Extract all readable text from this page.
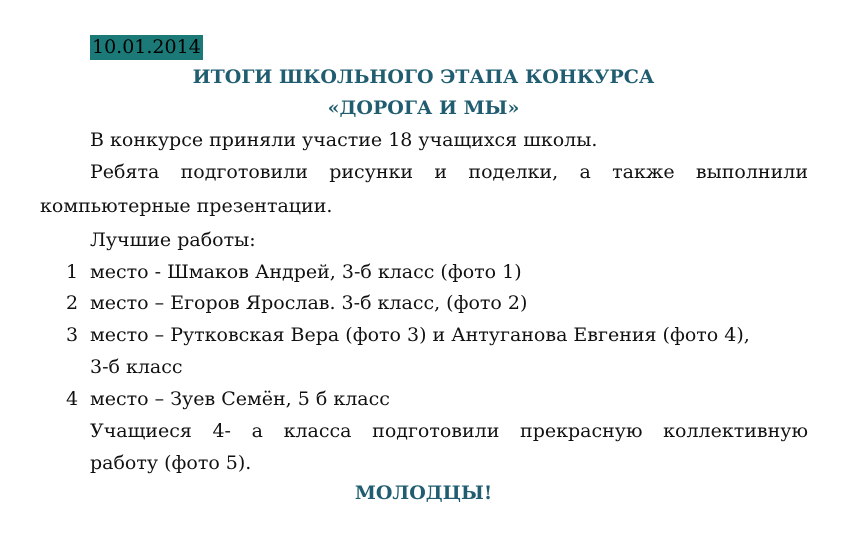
10.01.2014
ИТОГИ ШКОЛЬНОГО ЭТАПА КОНКУРСА
«ДОРОГА И МЫ»
В конкурсе приняли участие 18 учащихся школы.
Ребята подготовили рисунки и поделки, а также выполнили
компьютерные презентации.
Лучшие работы:
1 место - Шмаков Андрей, 3-б класс (фото 1)
2 место – Егоров Ярослав. 3-б класс, (фото 2)
3 место – Рутковская Вера (фото 3) и Антуганова Евгения (фото 4),
3-б класс
4 место – Зуев Семён, 5 б класс
Учащиеся 4- а класса подготовили прекрасную коллективную
работу (фото 5).
МОЛОДЦЫ!
